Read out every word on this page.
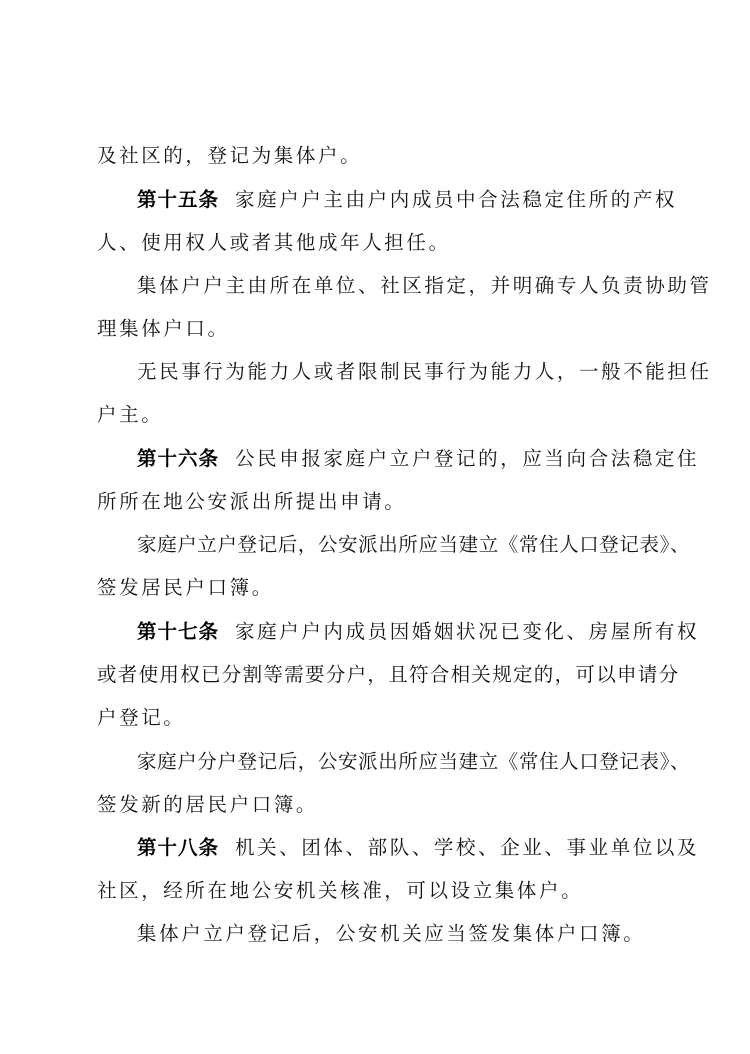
及社区的，登记为集体户。
第十五条 家庭户户主由户内成员中合法稳定住所的产权
人、使用权人或者其他成年人担任。
集体户户主由所在单位、社区指定，并明确专人负责协助管
理集体户口。
无民事行为能力人或者限制民事行为能力人，一般不能担任
户主。
第十六条 公民申报家庭户立户登记的，应当向合法稳定住
所所在地公安派出所提出申请。
家庭户立户登记后，公安派出所应当建立《常住人口登记表》、
签发居民户口簿。
第十七条 家庭户户内成员因婚姻状况已变化、房屋所有权
或者使用权已分割等需要分户，且符合相关规定的，可以申请分
户登记。
家庭户分户登记后，公安派出所应当建立《常住人口登记表》、
签发新的居民户口簿。
第十八条 机关、团体、部队、学校、企业、事业单位以及
社区，经所在地公安机关核准，可以设立集体户。
集体户立户登记后，公安机关应当签发集体户口簿。
